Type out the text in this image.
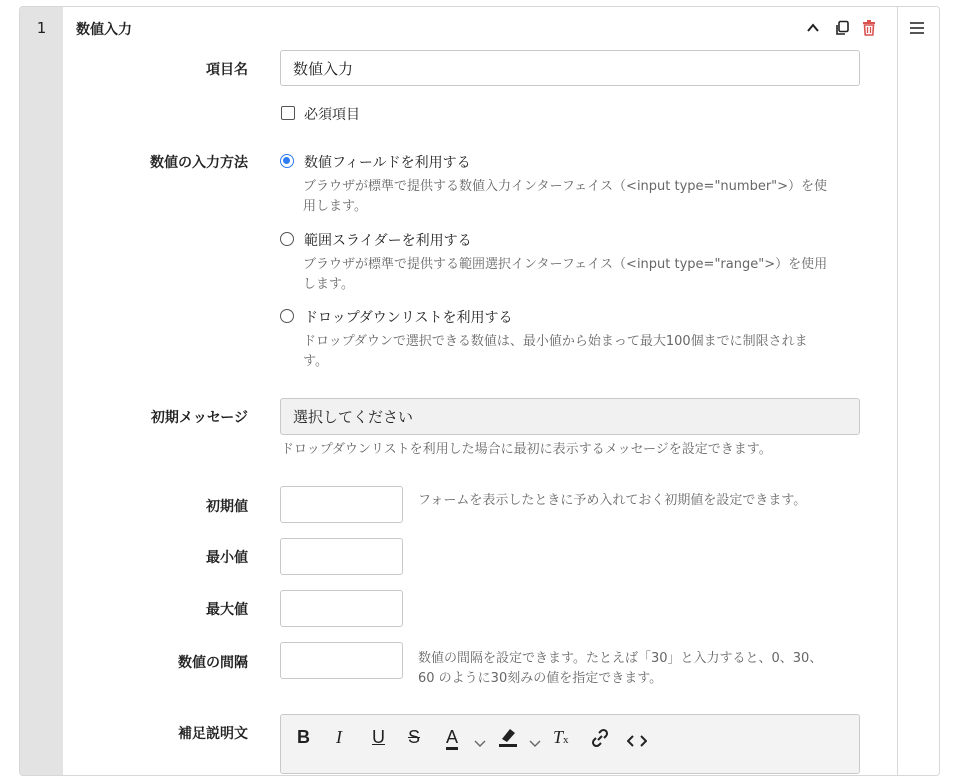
1	数値入力
項目名	数値入力
必須項目
数値の入力方法	数値フィールドを利用する
ブラウザが標準で提供する数値入力インターフェイス（<input type="number">）を使
用します。
範囲スライダーを利用する
ブラウザが標準で提供する範囲選択インターフェイス（<input type="range">）を使用
します。
ドロップダウンリストを利用する
ドロップダウンで選択できる数値は、最小値から始まって最大100個までに制限されま
す。
初期メッセージ	選択してください
ドロップダウンリストを利用した場合に最初に表示するメッセージを設定できます。
初期値	フォームを表示したときに予め入れておく初期値を設定できます。
最小値
最大値
数値の間隔	数値の間隔を設定できます。たとえば「30」と入力すると、0、30、
60 のように30刻みの値を指定できます。
補足説明文	B I U S A	Tx
